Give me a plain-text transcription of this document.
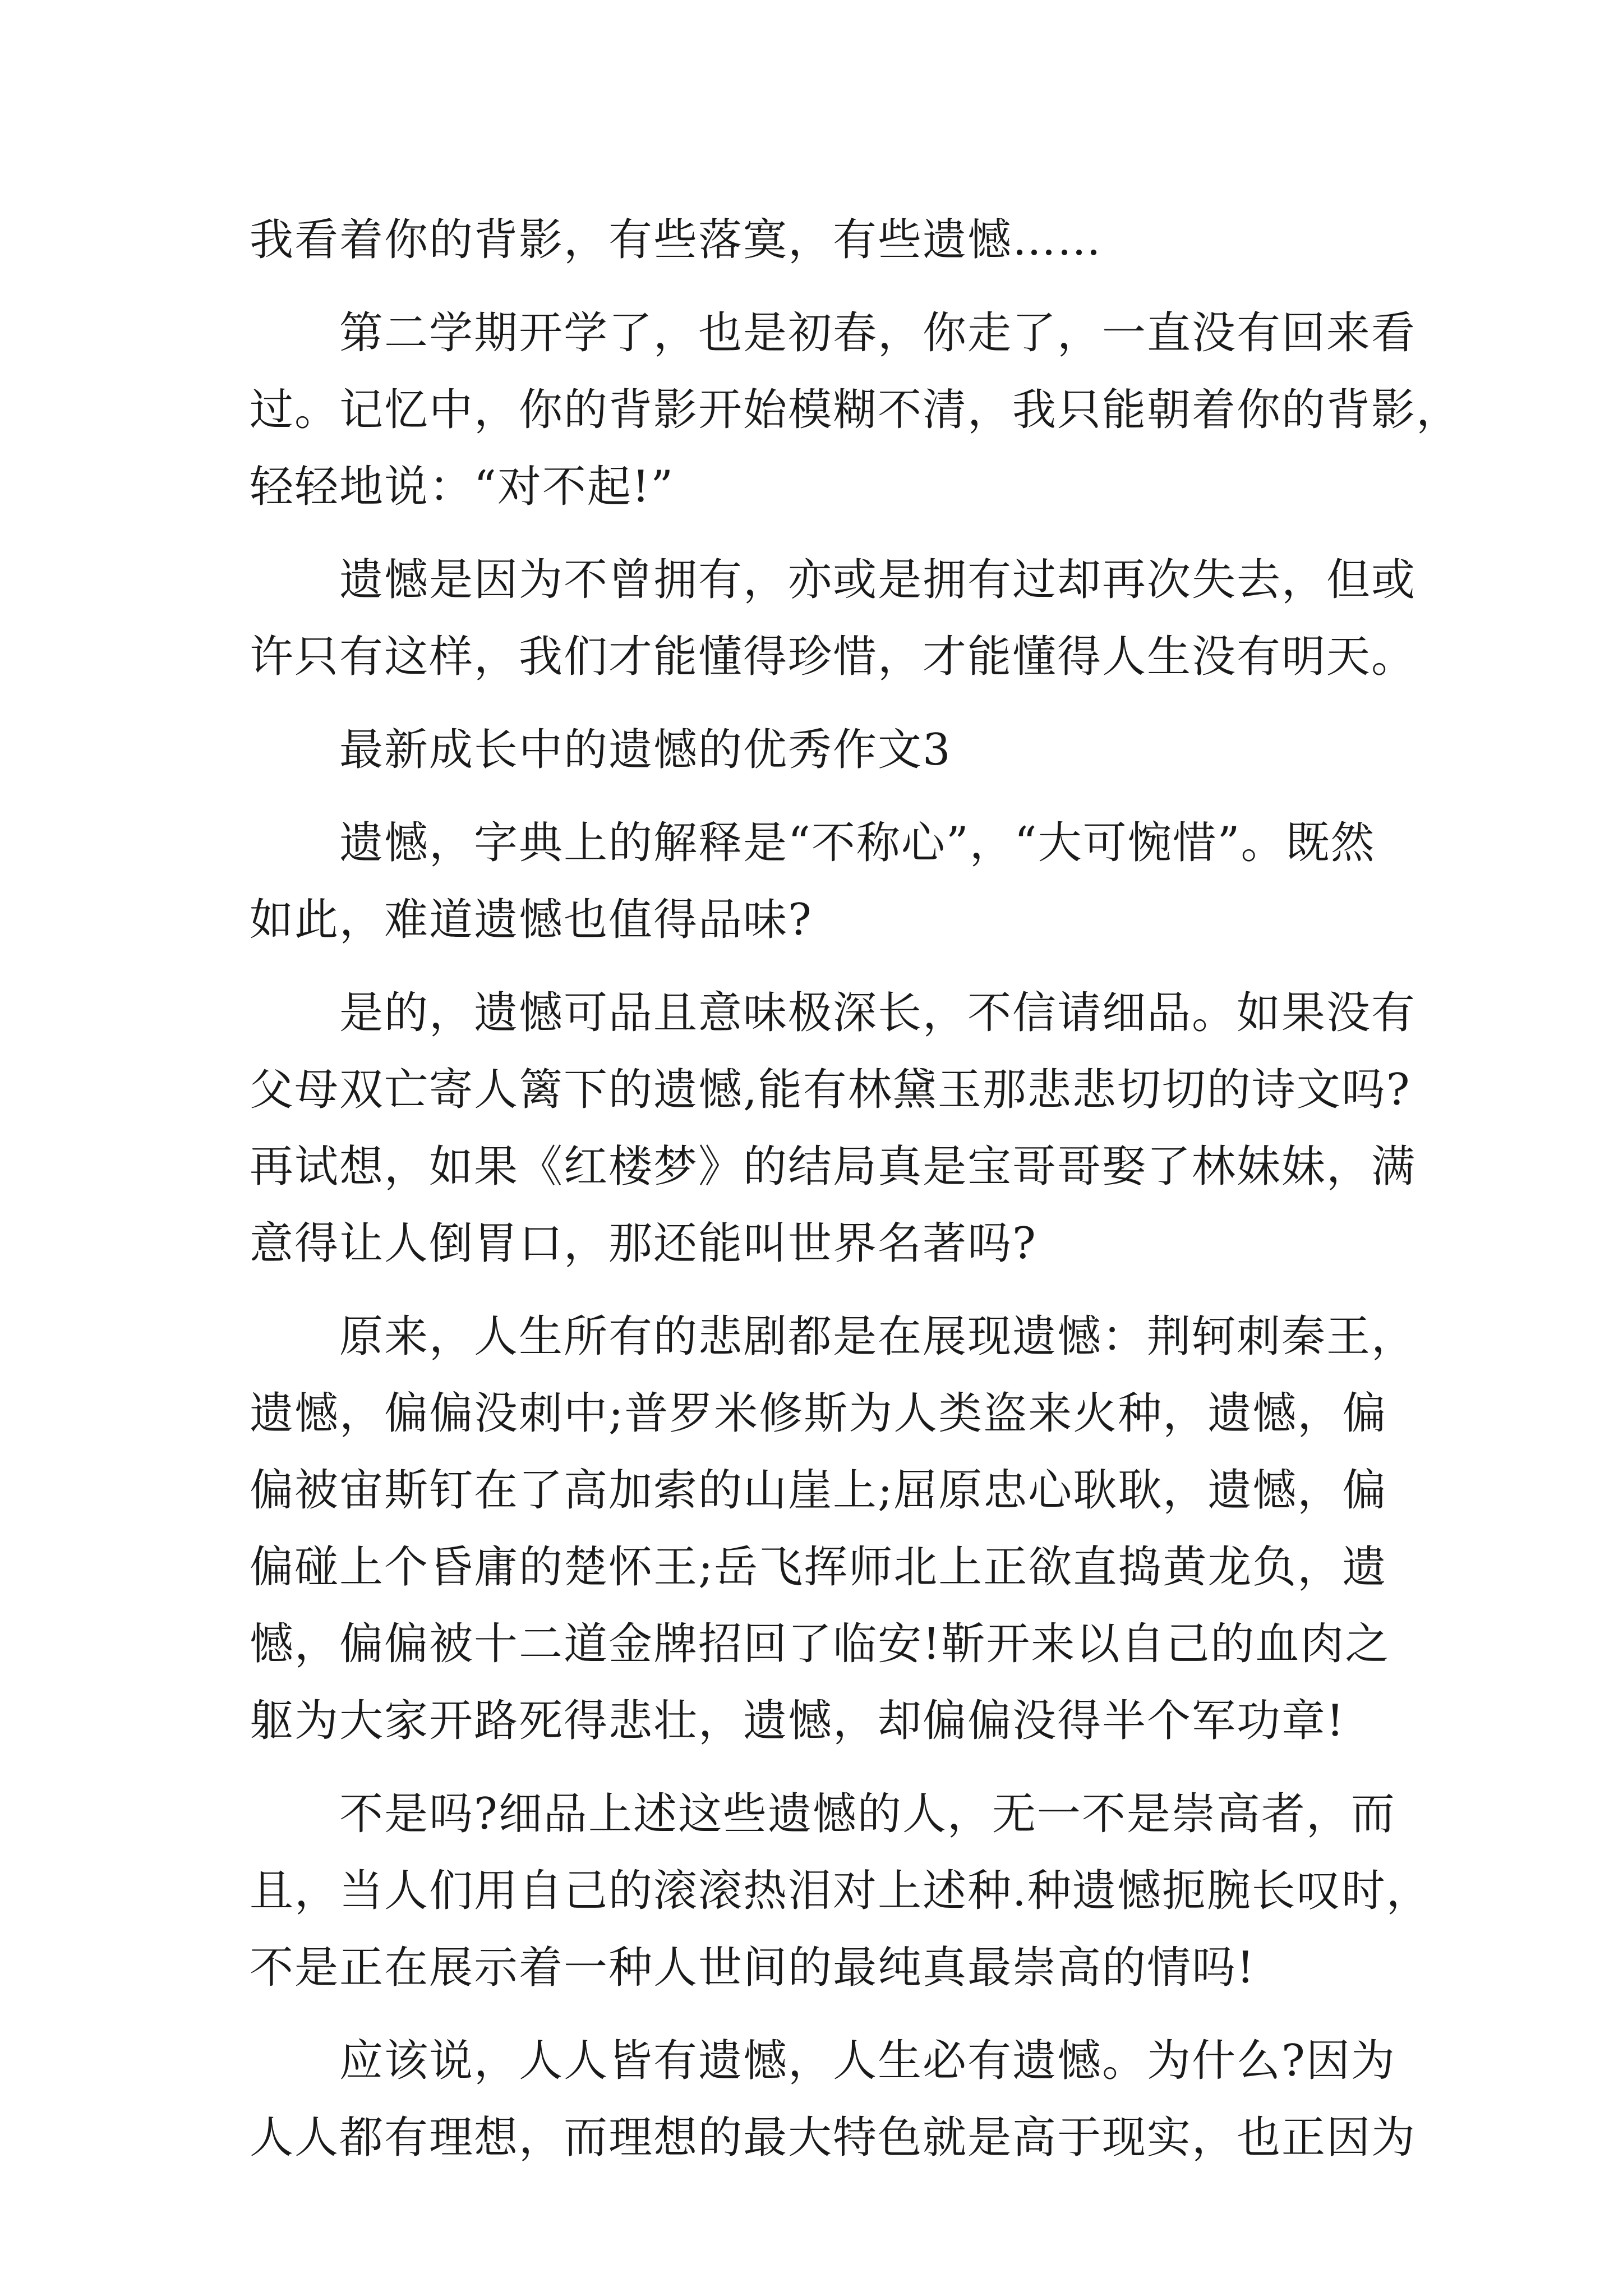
我看着你的背影，有些落寞，有些遗憾……
第二学期开学了，也是初春，你走了，一直没有回来看
过。记忆中，你的背影开始模糊不清，我只能朝着你的背影，
轻轻地说：“对不起!”
遗憾是因为不曾拥有，亦或是拥有过却再次失去，但或
许只有这样，我们才能懂得珍惜，才能懂得人生没有明天。
最新成长中的遗憾的优秀作文3
遗憾，字典上的解释是“不称心”，“大可惋惜”。既然
如此，难道遗憾也值得品味?
是的，遗憾可品且意味极深长，不信请细品。如果没有
父母双亡寄人篱下的遗憾,能有林黛玉那悲悲切切的诗文吗?
再试想，如果《红楼梦》的结局真是宝哥哥娶了林妹妹，满
意得让人倒胃口，那还能叫世界名著吗?
原来，人生所有的悲剧都是在展现遗憾：荆轲刺秦王，
遗憾，偏偏没刺中;普罗米修斯为人类盗来火种，遗憾，偏
偏被宙斯钉在了高加索的山崖上;屈原忠心耿耿，遗憾，偏
偏碰上个昏庸的楚怀王;岳飞挥师北上正欲直捣黄龙负，遗
憾，偏偏被十二道金牌招回了临安!靳开来以自己的血肉之
躯为大家开路死得悲壮，遗憾，却偏偏没得半个军功章!
不是吗?细品上述这些遗憾的人，无一不是崇高者，而
且，当人们用自己的滚滚热泪对上述种.种遗憾扼腕长叹时，
不是正在展示着一种人世间的最纯真最崇高的情吗!
应该说，人人皆有遗憾，人生必有遗憾。为什么?因为
人人都有理想，而理想的最大特色就是高于现实，也正因为
